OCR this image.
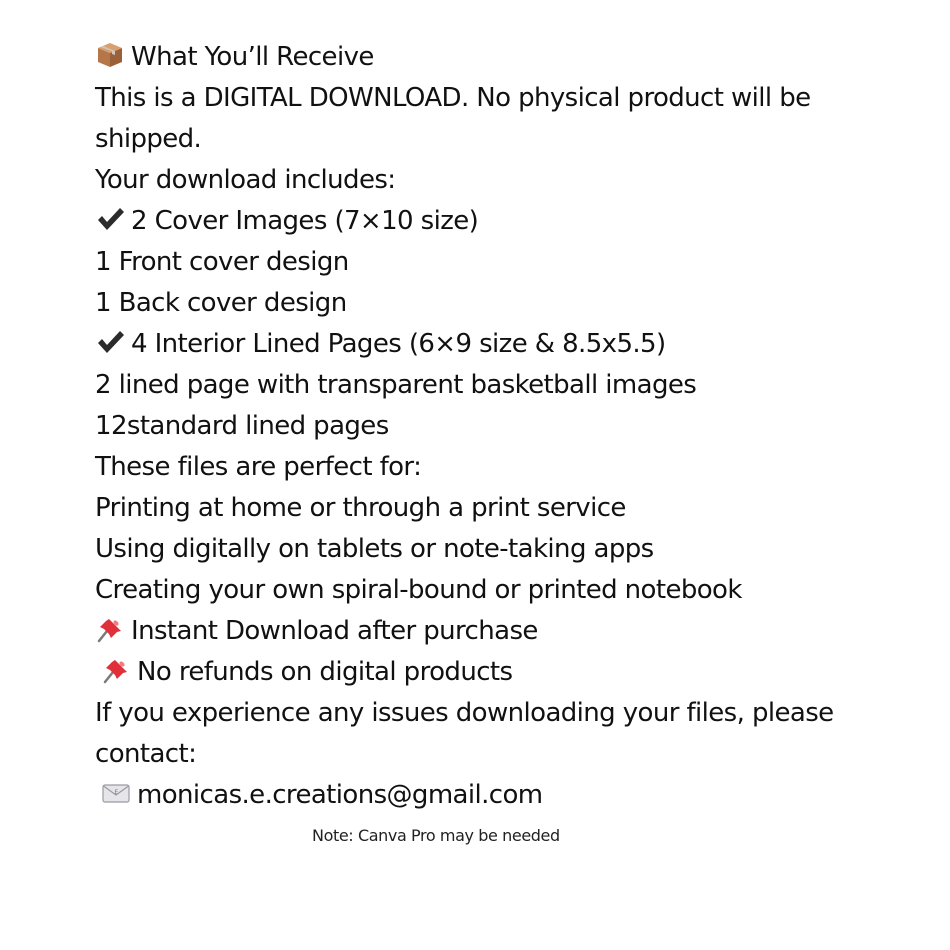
What You’ll Receive
This is a DIGITAL DOWNLOAD. No physical product will be
shipped.
Your download includes:
2 Cover Images (7×10 size)
1 Front cover design
1 Back cover design
4 Interior Lined Pages (6×9 size & 8.5x5.5)
2 lined page with transparent basketball images
12standard lined pages
These files are perfect for:
Printing at home or through a print service
Using digitally on tablets or note-taking apps
Creating your own spiral-bound or printed notebook
Instant Download after purchase
No refunds on digital products
If you experience any issues downloading your files, please
contact:
E monicas.e.creations@gmail.com
Note: Canva Pro may be needed
